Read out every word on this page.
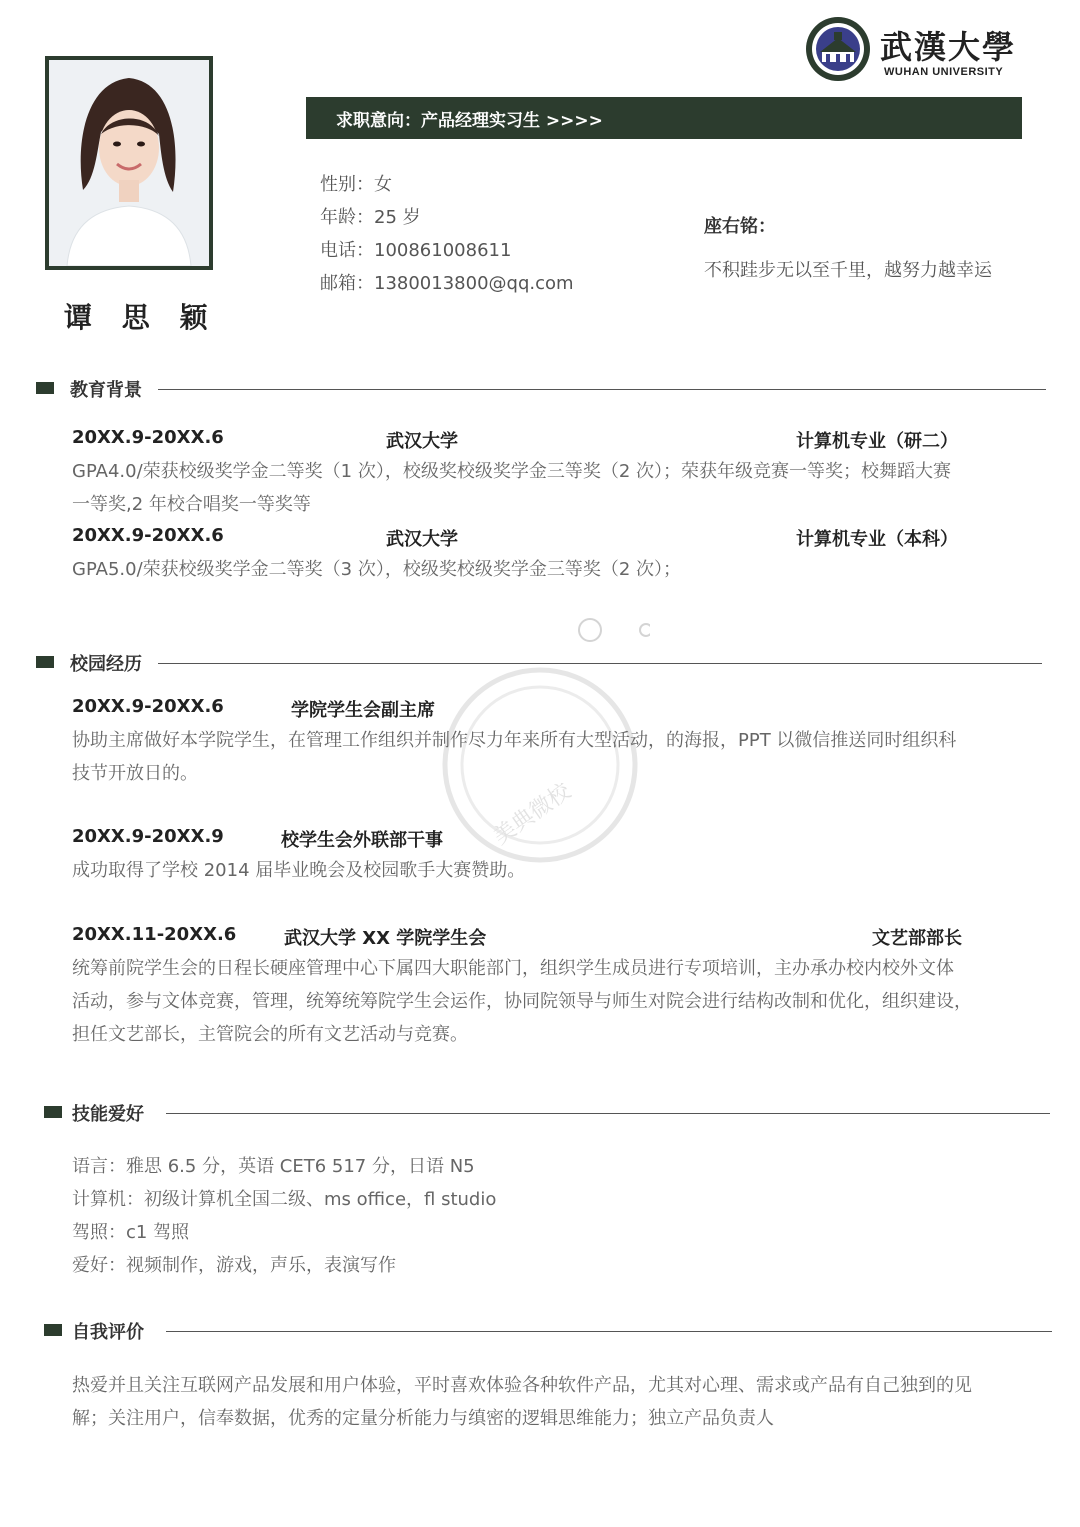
谭 思 颖
武漢大學
WUHAN UNIVERSITY
求职意向：产品经理实习生 >>>>
性别：女
年龄：25 岁
电话：100861008611
邮箱：1380013800@qq.com
座右铭：
不积跬步无以至千里，越努力越幸运
美典微校
教育背景
20XX.9-20XX.6	武汉大学	计算机专业（研二）
GPA4.0/荣获校级奖学金二等奖（1 次），校级奖校级奖学金三等奖（2 次）；荣获年级竞赛一等奖；校舞蹈大赛
一等奖,2 年校合唱奖一等奖等
20XX.9-20XX.6	武汉大学	计算机专业（本科）
GPA5.0/荣获校级奖学金二等奖（3 次），校级奖校级奖学金三等奖（2 次）；
校园经历
20XX.9-20XX.6	学院学生会副主席
协助主席做好本学院学生，在管理工作组织并制作尽力年来所有大型活动，的海报，PPT 以微信推送同时组织科
技节开放日的。
20XX.9-20XX.9	校学生会外联部干事
成功取得了学校 2014 届毕业晚会及校园歌手大赛赞助。
20XX.11-20XX.6	武汉大学 XX 学院学生会	文艺部部长
统筹前院学生会的日程长硬座管理中心下属四大职能部门，组织学生成员进行专项培训，主办承办校内校外文体
活动，参与文体竞赛，管理，统筹统筹院学生会运作，协同院领导与师生对院会进行结构改制和优化，组织建设，
担任文艺部长，主管院会的所有文艺活动与竞赛。
技能爱好
语言：雅思 6.5 分，英语 CET6 517 分，日语 N5
计算机：初级计算机全国二级、ms office，fl studio
驾照：c1 驾照
爱好：视频制作，游戏，声乐，表演写作
自我评价
热爱并且关注互联网产品发展和用户体验，平时喜欢体验各种软件产品，尤其对心理、需求或产品有自己独到的见
解；关注用户，信奉数据，优秀的定量分析能力与缜密的逻辑思维能力；独立产品负责人
